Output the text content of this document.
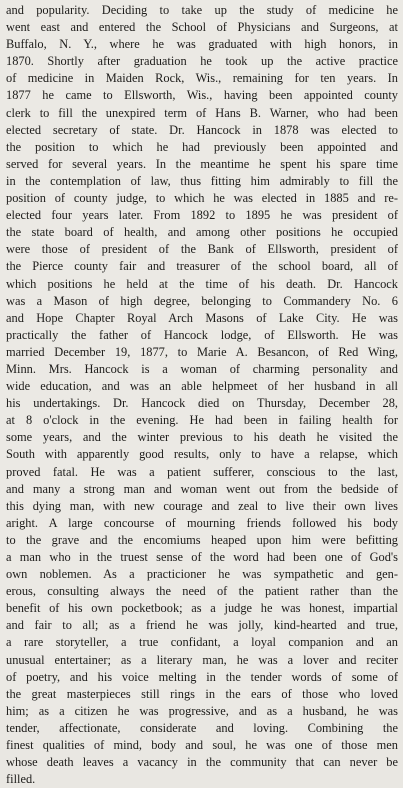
and popularity. Deciding to take up the study of medicine he
went east and entered the School of Physicians and Surgeons, at
Buffalo, N. Y., where he was graduated with high honors, in
1870. Shortly after graduation he took up the active practice
of medicine in Maiden Rock, Wis., remaining for ten years. In
1877 he came to Ellsworth, Wis., having been appointed county
clerk to fill the unexpired term of Hans B. Warner, who had been
elected secretary of state. Dr. Hancock in 1878 was elected to
the position to which he had previously been appointed and
served for several years. In the meantime he spent his spare time
in the contemplation of law, thus fitting him admirably to fill the
position of county judge, to which he was elected in 1885 and re-
elected four years later. From 1892 to 1895 he was president of
the state board of health, and among other positions he occupied
were those of president of the Bank of Ellsworth, president of
the Pierce county fair and treasurer of the school board, all of
which positions he held at the time of his death. Dr. Hancock
was a Mason of high degree, belonging to Commandery No. 6
and Hope Chapter Royal Arch Masons of Lake City. He was
practically the father of Hancock lodge, of Ellsworth. He was
married December 19, 1877, to Marie A. Besancon, of Red Wing,
Minn. Mrs. Hancock is a woman of charming personality and
wide education, and was an able helpmeet of her husband in all
his undertakings. Dr. Hancock died on Thursday, December 28,
at 8 o'clock in the evening. He had been in failing health for
some years, and the winter previous to his death he visited the
South with apparently good results, only to have a relapse, which
proved fatal. He was a patient sufferer, conscious to the last,
and many a strong man and woman went out from the bedside of
this dying man, with new courage and zeal to live their own lives
aright. A large concourse of mourning friends followed his body
to the grave and the encomiums heaped upon him were befitting
a man who in the truest sense of the word had been one of God's
own noblemen. As a practicioner he was sympathetic and gen-
erous, consulting always the need of the patient rather than the
benefit of his own pocketbook; as a judge he was honest, impartial
and fair to all; as a friend he was jolly, kind-hearted and true,
a rare storyteller, a true confidant, a loyal companion and an
unusual entertainer; as a literary man, he was a lover and reciter
of poetry, and his voice melting in the tender words of some of
the great masterpieces still rings in the ears of those who loved
him; as a citizen he was progressive, and as a husband, he was
tender, affectionate, considerate and loving. Combining the
finest qualities of mind, body and soul, he was one of those men
whose death leaves a vacancy in the community that can never be
filled.
